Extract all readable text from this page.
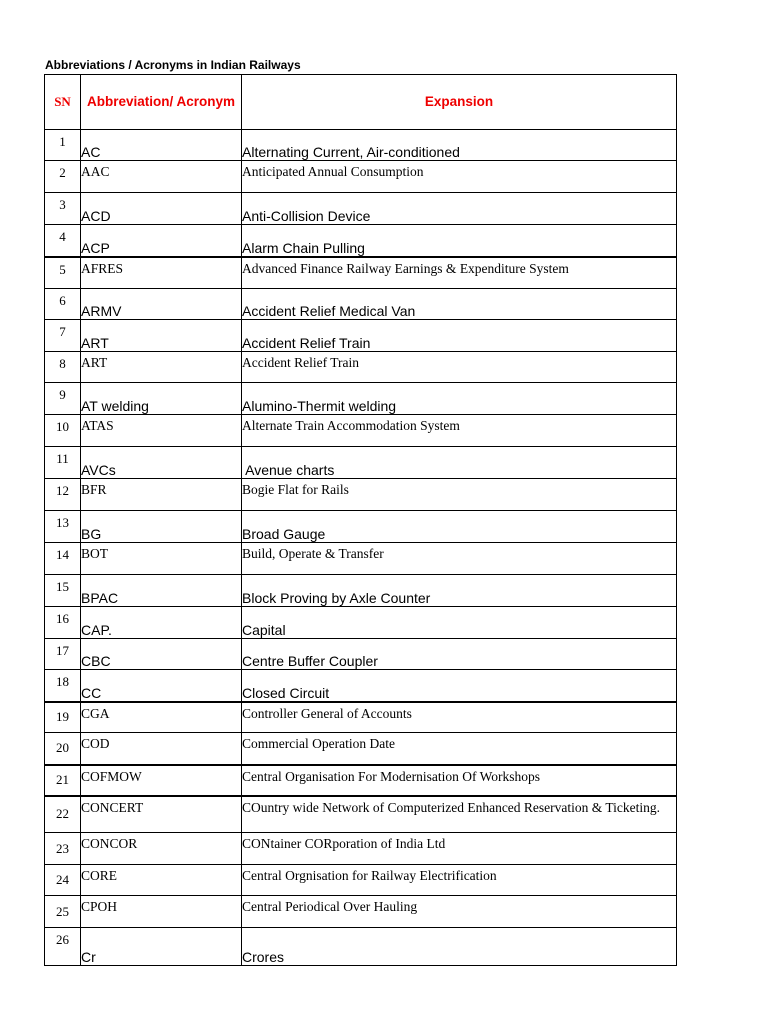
Abbreviations / Acronyms in Indian Railways
SN	Abbreviation/ Acronym	Expansion
1	AC	Alternating Current, Air-conditioned
2	AAC	Anticipated Annual Consumption
3	ACD	Anti-Collision Device
4	ACP	Alarm Chain Pulling
5	AFRES	Advanced Finance Railway Earnings & Expenditure System
6	ARMV	Accident Relief Medical Van
7	ART	Accident Relief Train
8	ART	Accident Relief Train
9	AT welding	Alumino-Thermit welding
10	ATAS	Alternate Train Accommodation System
11	AVCs	Avenue charts
12	BFR	Bogie Flat for Rails
13	BG	Broad Gauge
14	BOT	Build, Operate & Transfer
15	BPAC	Block Proving by Axle Counter
16	CAP.	Capital
17	CBC	Centre Buffer Coupler
18	CC	Closed Circuit
19	CGA	Controller General of Accounts
20	COD	Commercial Operation Date
21	COFMOW	Central Organisation For Modernisation Of Workshops
22	CONCERT	COuntry wide Network of Computerized Enhanced Reservation & Ticketing.
23	CONCOR	CONtainer CORporation of India Ltd
24	CORE	Central Orgnisation for Railway Electrification
25	CPOH	Central Periodical Over Hauling
26	Cr	Crores
